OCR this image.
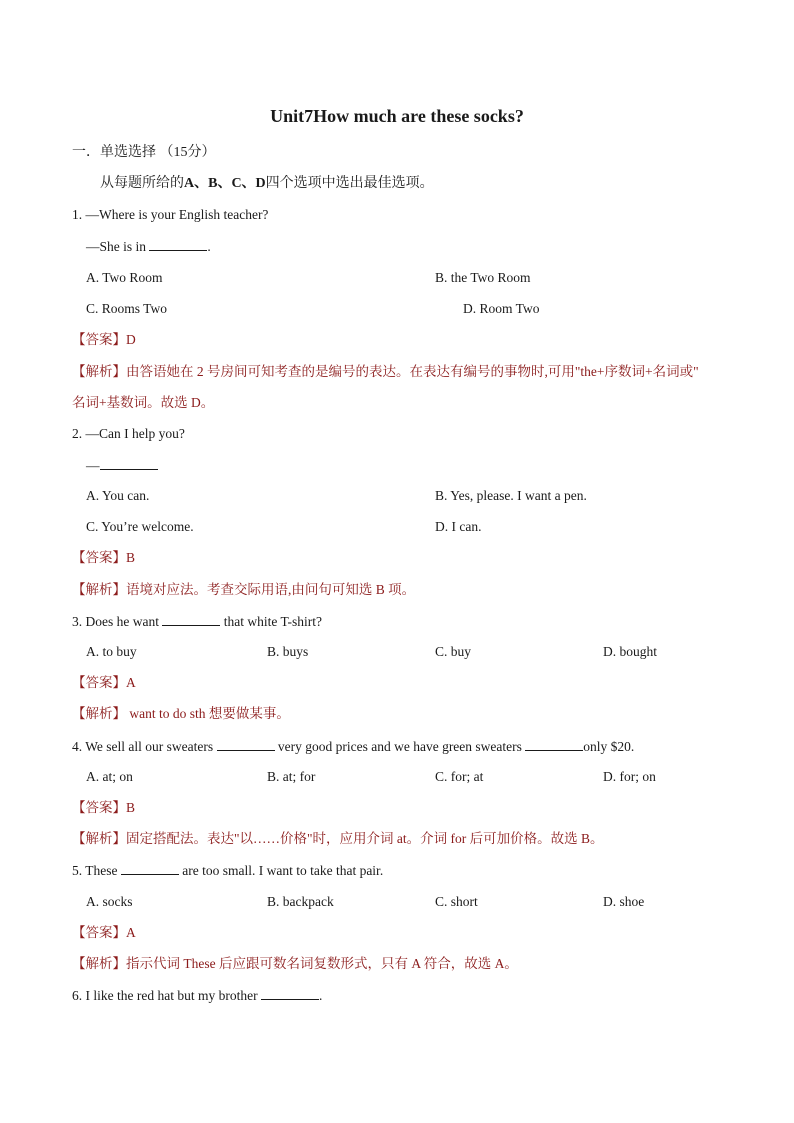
Unit7How much are these socks?
一．单选选择 （15分）
从每题所给的A、B、C、D四个选项中选出最佳选项。
1. —Where is your English teacher?
—She is in	.
A. Two Room	B. the Two Room
C. Rooms Two	D. Room Two
【答案】D
【解析】由答语她在 2 号房间可知考查的是编号的表达。在表达有编号的事物时,可用"the+序数词+名词或"
名词+基数词。故选 D。
2. —Can I help you?
—
A. You can.	B. Yes, please. I want a pen.
C. You’re welcome.	D. I can.
【答案】B
【解析】语境对应法。考查交际用语,由问句可知选 B 项。
3. Does he want	that white T-shirt?
A. to buy	B. buys	C. buy	D. bought
【答案】A
【解析】 want to do sth 想要做某事。
4. We sell all our sweaters	very good prices and we have green sweaters	only $20.
A. at; on	B. at; for	C. for; at	D. for; on
【答案】B
【解析】固定搭配法。表达"以……价格"时，应用介词 at。介词 for 后可加价格。故选 B。
5. These	are too small. I want to take that pair.
A. socks	B. backpack	C. short	D. shoe
【答案】A
【解析】指示代词 These 后应跟可数名词复数形式，只有 A 符合，故选 A。
6. I like the red hat but my brother	.
